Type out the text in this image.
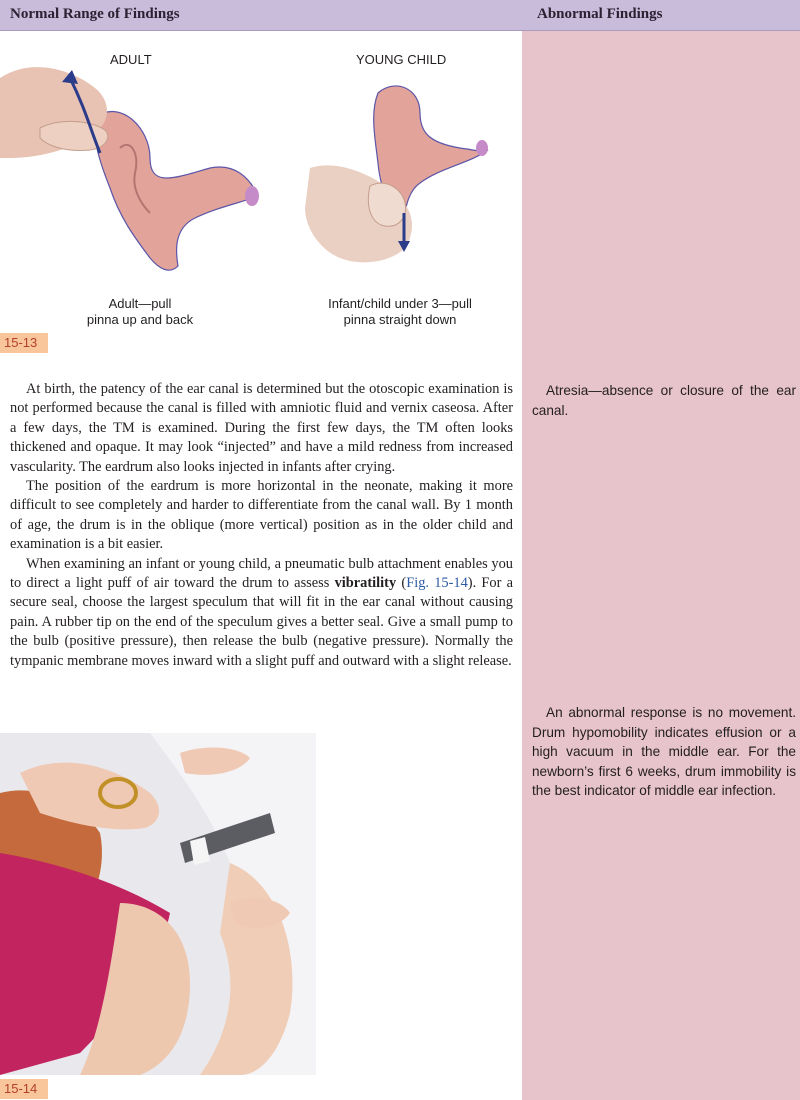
Normal Range of Findings	Abnormal Findings
ADULT	YOUNG CHILD
Adult—pull
pinna up and back
Infant/child under 3—pull
pinna straight down
15-13

At birth, the patency of the ear canal is determined but the otoscopic examination is not performed because the canal is filled with amniotic fluid and vernix caseosa. After a few days, the TM is examined. During the first few days, the TM often looks thickened and opaque. It may look “injected” and have a mild redness from increased vascularity. The eardrum also looks injected in infants after crying.

The position of the eardrum is more horizontal in the neonate, making it more difficult to see completely and harder to differentiate from the canal wall. By 1 month of age, the drum is in the oblique (more vertical) position as in the older child and examination is a bit easier.

When examining an infant or young child, a pneumatic bulb attachment enables you to direct a light puff of air toward the drum to assess vibratility (Fig. 15-14). For a secure seal, choose the largest speculum that will fit in the ear canal without causing pain. A rubber tip on the end of the speculum gives a better seal. Give a small pump to the bulb (positive pressure), then release the bulb (negative pressure). Normally the tympanic membrane moves inward with a slight puff and outward with a slight release.

Atresia—absence or closure of the ear canal.

An abnormal response is no movement. Drum hypomobility indicates effusion or a high vacuum in the middle ear. For the newborn’s first 6 weeks, drum immobility is the best indicator of middle ear infection.

15-14
